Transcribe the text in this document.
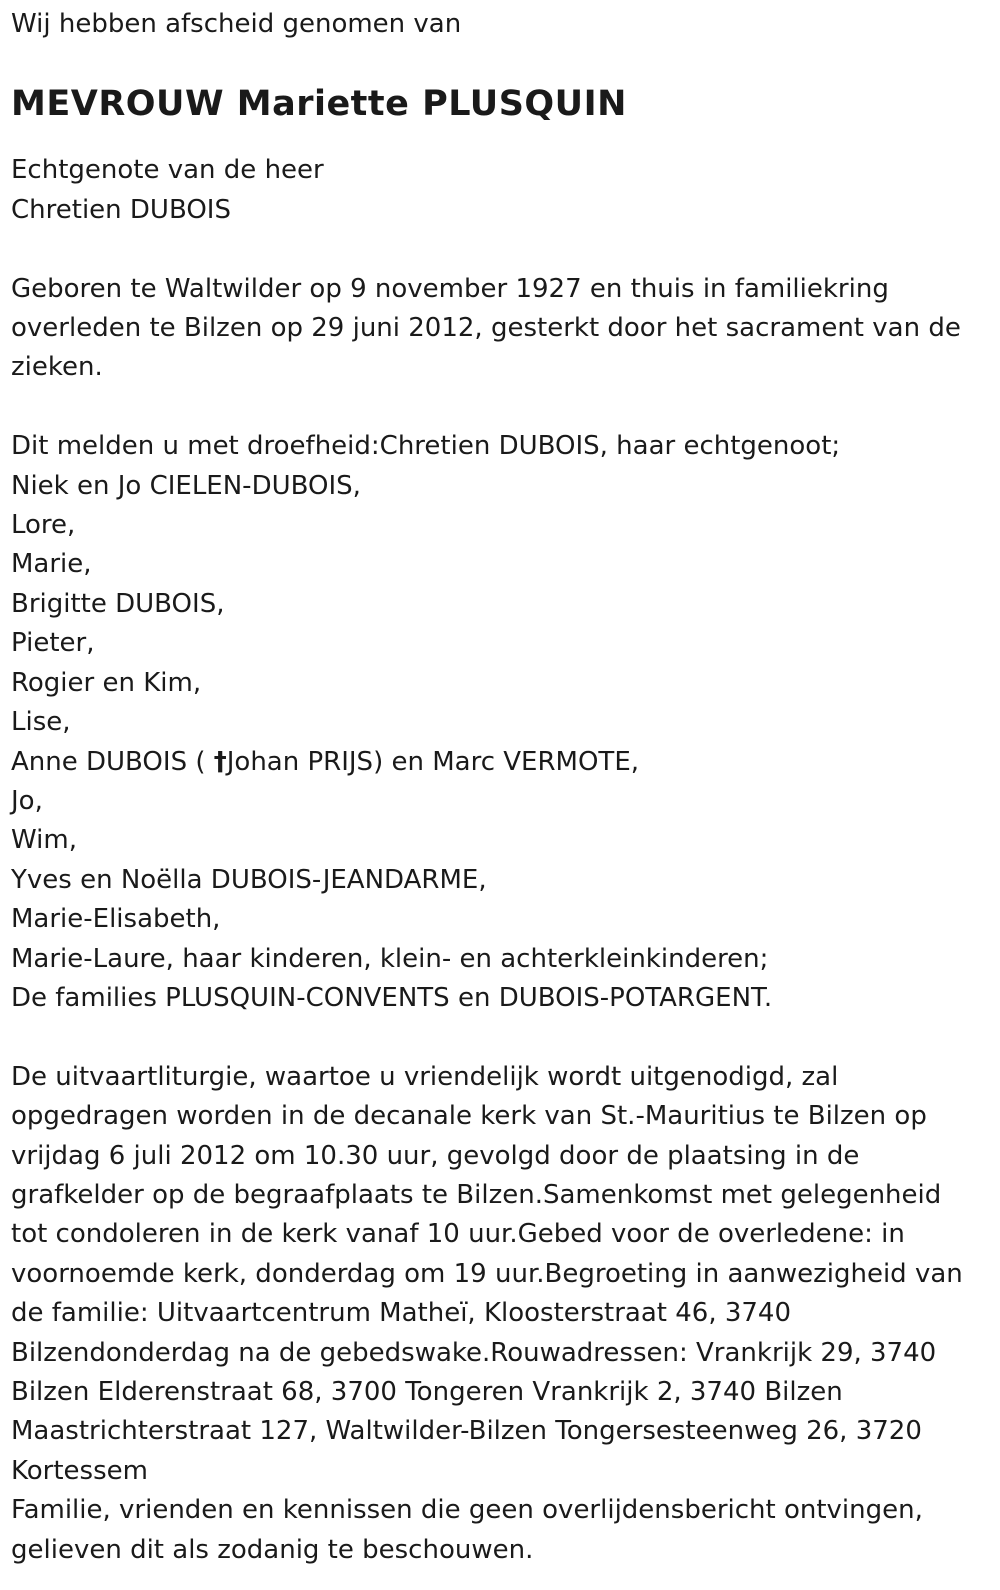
Wij hebben afscheid genomen van
MEVROUW Mariette PLUSQUIN
Echtgenote van de heer
Chretien DUBOIS
Geboren te Waltwilder op 9 november 1927 en thuis in familiekring
overleden te Bilzen op 29 juni 2012, gesterkt door het sacrament van de
zieken.
Dit melden u met droefheid:Chretien DUBOIS, haar echtgenoot;
Niek en Jo CIELEN-DUBOIS,
Lore,
Marie,
Brigitte DUBOIS,
Pieter,
Rogier en Kim,
Lise,
Anne DUBOIS ( †Johan PRIJS) en Marc VERMOTE,
Jo,
Wim,
Yves en Noëlla DUBOIS-JEANDARME,
Marie-Elisabeth,
Marie-Laure, haar kinderen, klein- en achterkleinkinderen;
De families PLUSQUIN-CONVENTS en DUBOIS-POTARGENT.
De uitvaartliturgie, waartoe u vriendelijk wordt uitgenodigd, zal
opgedragen worden in de decanale kerk van St.-Mauritius te Bilzen op
vrijdag 6 juli 2012 om 10.30 uur, gevolgd door de plaatsing in de
grafkelder op de begraafplaats te Bilzen.Samenkomst met gelegenheid
tot condoleren in de kerk vanaf 10 uur.Gebed voor de overledene: in
voornoemde kerk, donderdag om 19 uur.Begroeting in aanwezigheid van
de familie: Uitvaartcentrum Matheï, Kloosterstraat 46, 3740
Bilzendonderdag na de gebedswake.Rouwadressen: Vrankrijk 29, 3740
Bilzen Elderenstraat 68, 3700 Tongeren Vrankrijk 2, 3740 Bilzen
Maastrichterstraat 127, Waltwilder-Bilzen Tongersesteenweg 26, 3720
Kortessem
Familie, vrienden en kennissen die geen overlijdensbericht ontvingen,
gelieven dit als zodanig te beschouwen.
